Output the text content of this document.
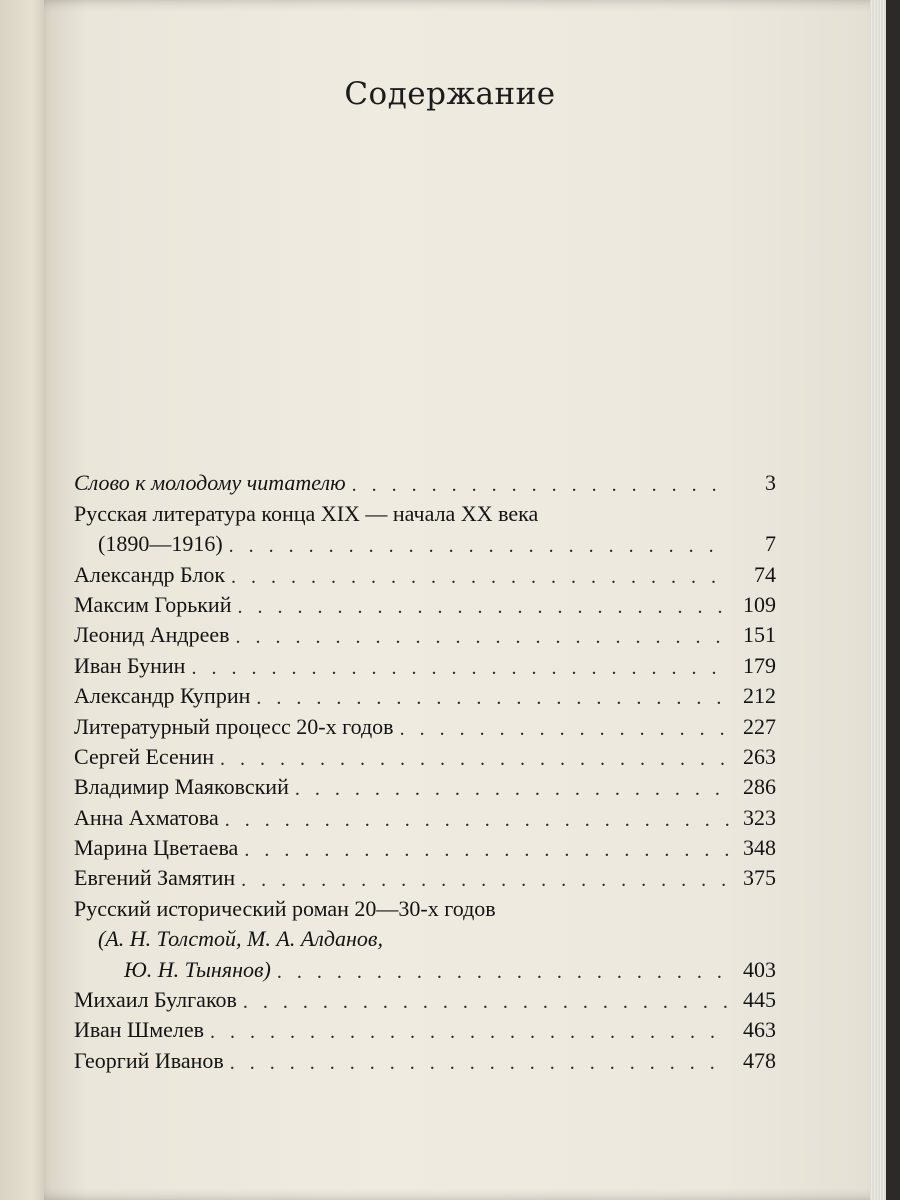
Содержание
Слово к молодому читателю . . .	3
Русская литература конца XIX — начала XX века
(1890—1916) . . .	7
Александр Блок . . .	74
Максим Горький . . .	109
Леонид Андреев . . .	151
Иван Бунин . . .	179
Александр Куприн . . .	212
Литературный процесс 20-х годов . . .	227
Сергей Есенин . . .	263
Владимир Маяковский . . .	286
Анна Ахматова . . .	323
Марина Цветаева . . .	348
Евгений Замятин . . .	375
Русский исторический роман 20—30-х годов
(А. Н. Толстой, М. А. Алданов,
Ю. Н. Тынянов) . . .	403
Михаил Булгаков . . .	445
Иван Шмелев . . .	463
Георгий Иванов . . .	478
